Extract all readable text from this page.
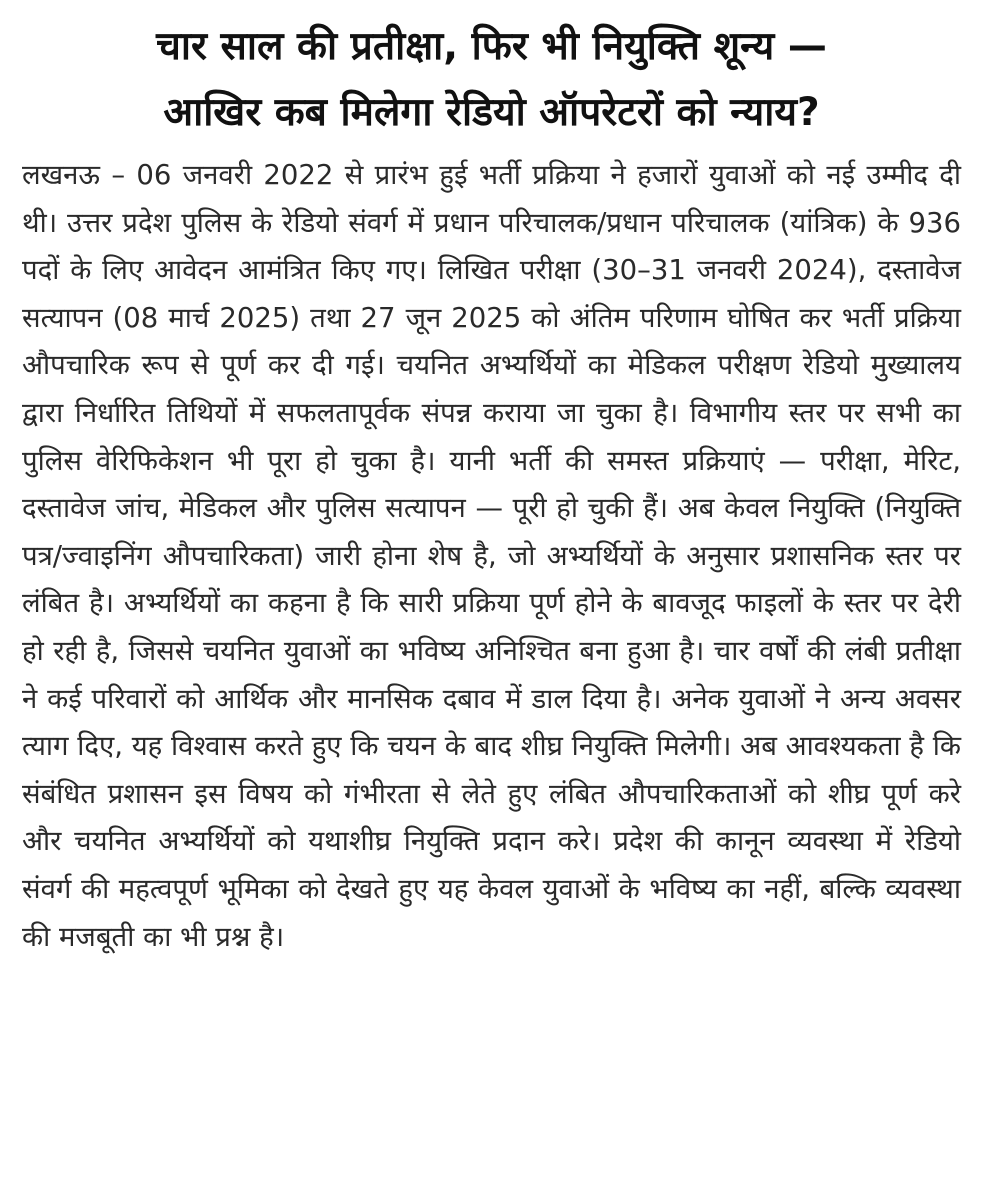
चार साल की प्रतीक्षा, फिर भी नियुक्ति शून्य —
आखिर कब मिलेगा रेडियो ऑपरेटरों को न्याय?

लखनऊ – 06 जनवरी 2022 से प्रारंभ हुई भर्ती प्रक्रिया ने हजारों युवाओं को नई उम्मीद दी थी। उत्तर प्रदेश पुलिस के रेडियो संवर्ग में प्रधान परिचालक/प्रधान परिचालक (यांत्रिक) के 936 पदों के लिए आवेदन आमंत्रित किए गए। लिखित परीक्षा (30–31 जनवरी 2024), दस्तावेज सत्यापन (08 मार्च 2025) तथा 27 जून 2025 को अंतिम परिणाम घोषित कर भर्ती प्रक्रिया औपचारिक रूप से पूर्ण कर दी गई। चयनित अभ्यर्थियों का मेडिकल परीक्षण रेडियो मुख्यालय द्वारा निर्धारित तिथियों में सफलतापूर्वक संपन्न कराया जा चुका है। विभागीय स्तर पर सभी का पुलिस वेरिफिकेशन भी पूरा हो चुका है। यानी भर्ती की समस्त प्रक्रियाएं — परीक्षा, मेरिट, दस्तावेज जांच, मेडिकल और पुलिस सत्यापन — पूरी हो चुकी हैं। अब केवल नियुक्ति (नियुक्ति पत्र/ज्वाइनिंग औपचारिकता) जारी होना शेष है, जो अभ्यर्थियों के अनुसार प्रशासनिक स्तर पर लंबित है। अभ्यर्थियों का कहना है कि सारी प्रक्रिया पूर्ण होने के बावजूद फाइलों के स्तर पर देरी हो रही है, जिससे चयनित युवाओं का भविष्य अनिश्चित बना हुआ है। चार वर्षों की लंबी प्रतीक्षा ने कई परिवारों को आर्थिक और मानसिक दबाव में डाल दिया है। अनेक युवाओं ने अन्य अवसर त्याग दिए, यह विश्वास करते हुए कि चयन के बाद शीघ्र नियुक्ति मिलेगी। अब आवश्यकता है कि संबंधित प्रशासन इस विषय को गंभीरता से लेते हुए लंबित औपचारिकताओं को शीघ्र पूर्ण करे और चयनित अभ्यर्थियों को यथाशीघ्र नियुक्ति प्रदान करे। प्रदेश की कानून व्यवस्था में रेडियो संवर्ग की महत्वपूर्ण भूमिका को देखते हुए यह केवल युवाओं के भविष्य का नहीं, बल्कि व्यवस्था की मजबूती का भी प्रश्न है।
